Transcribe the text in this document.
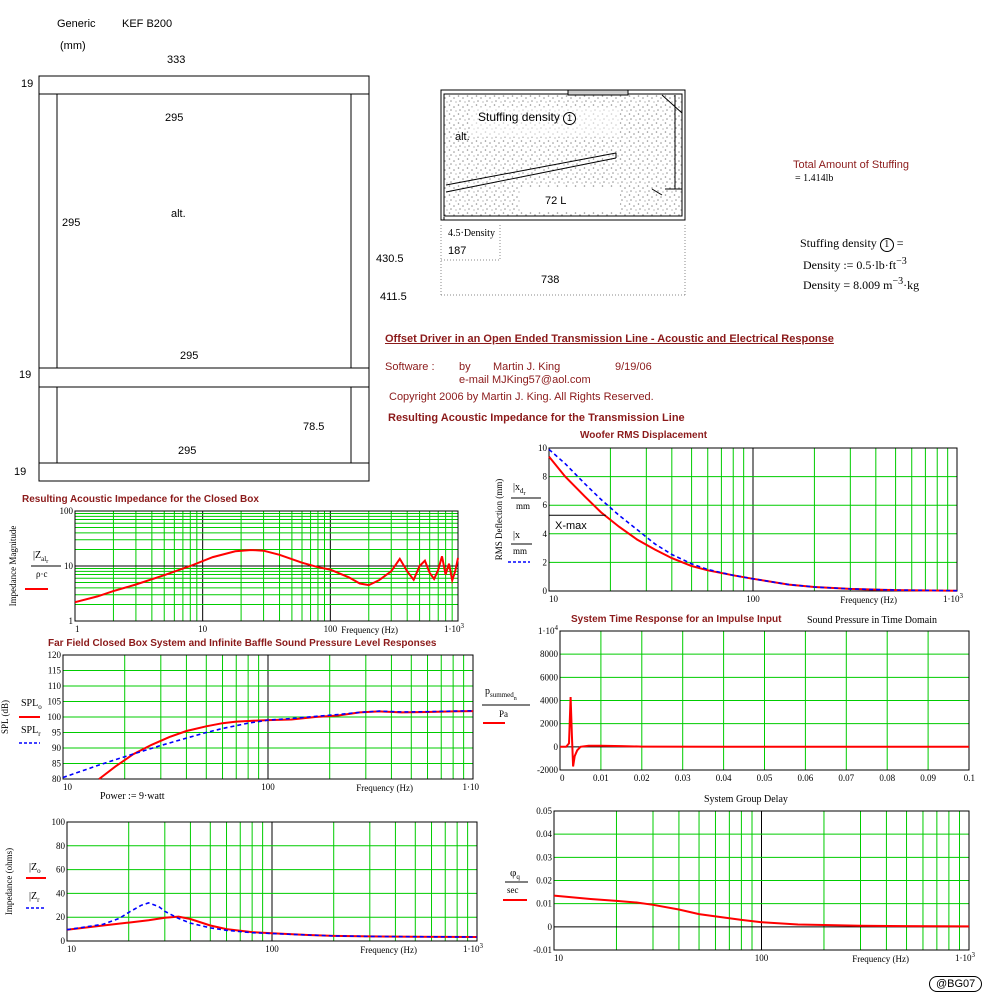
Generic KEF B200
(mm)
333
19
295
295
alt.
295
19
78.5
295
19
430.5
411.5
Stuffing density 1
alt.
72 L
4.5·Density
187
738
Total Amount of Stuffing
= 1.414lb
Stuffing density 1 =
Density := $0.5\cdot lb\cdot ft^{-3}$
Density = 8.009 $m^{-3}\cdot kg$
Offset Driver in an Open Ended Transmission Line - Acoustic and Electrical Response
Software : by Martin J. King	9/19/06
e-mail MJKing57@aol.com
Copyright 2006 by Martin J. King. All Rights Reserved.
Resulting Acoustic Impedance for the Transmission Line
1
10
100
1	10	100	$1\cdot 10^3$
Frequency (Hz)
Impedance Magnitude	0
2
4
6
8
10
10	100	$1\cdot 10^3$
Frequency (Hz)
RMS Deflection (mm)
80
85
90
95
100
105
110
115
120
10	100	1·10
Frequency (Hz)
SPL (dB)
-2000
0
2000
4000
6000
8000
$1\cdot 10^4$
0	0.01	0.02	0.03	0.04	0.05	0.06	0.07	0.08	0.09	0.1
0
20
40
60
80
100
10	100	$1\cdot 10^3$
Frequency (Hz)
Impedance (ohms)
-0.01
0
0.01
0.02
0.03
0.04
0.05
10	100	$1\cdot 10^3$
Frequency (Hz)
Resulting Acoustic Impedance for the Closed Box
Woofer RMS Displacement
Far Field Closed Box System and Infinite Baffle Sound Pressure Level Responses
System Time Response for an Impulse Input	Sound Pressure in Time Domain
System Group Delay
Power := 9·watt
X-max
$|Z_{alr}$
ρ·c
$|x_{dr}$
mm
|x
mm
$SPL_o$
$SPL_r$
$p_{summedn}$
Pa
$|Z_o$
$|Z_r$
$\varphi_q$
sec
@BG07
